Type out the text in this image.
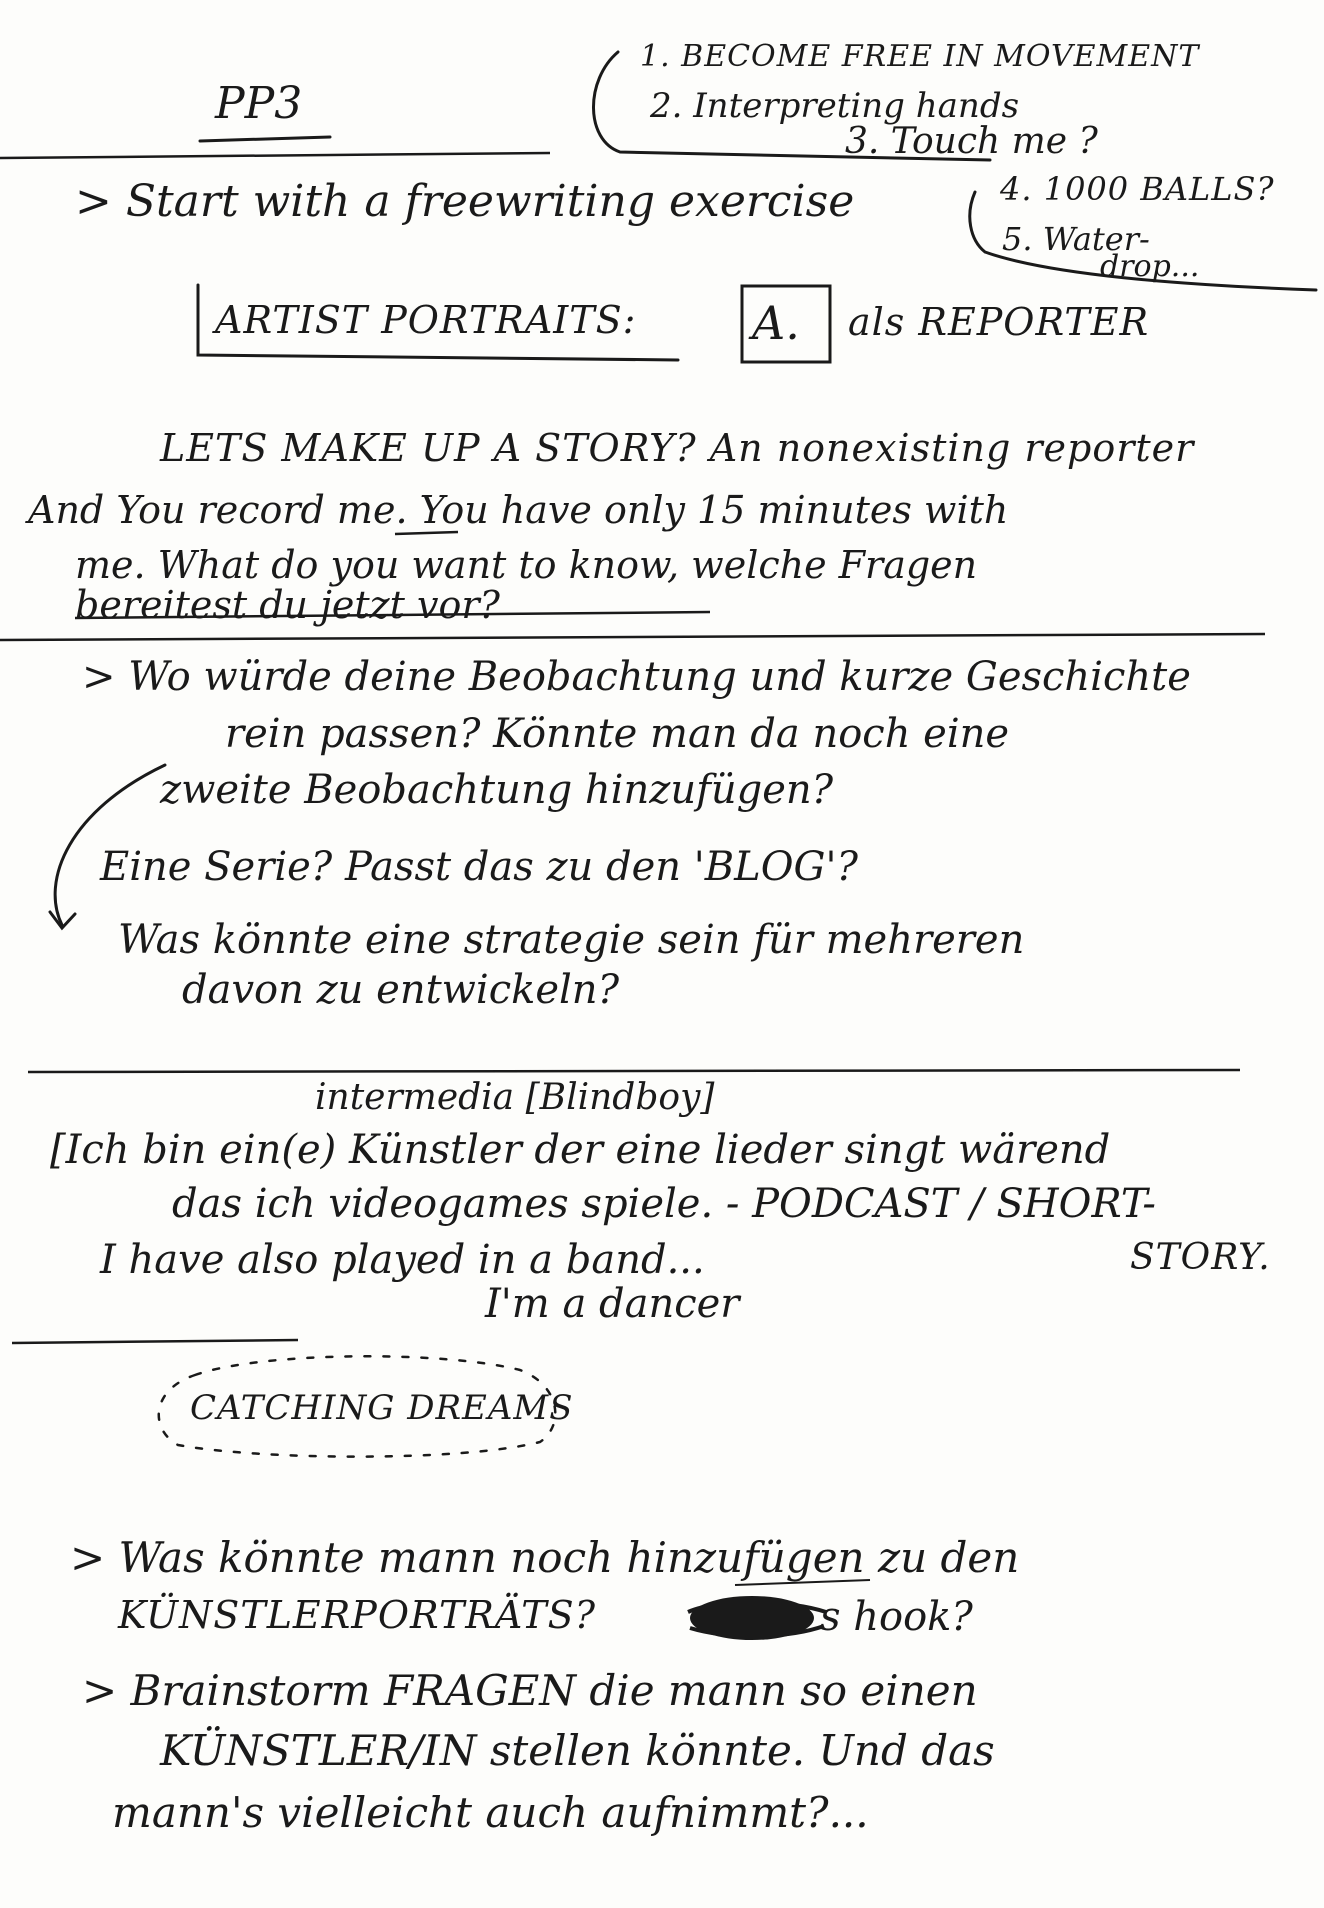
PP3
1. BECOME FREE IN MOVEMENT
2. Interpreting hands
3. Touch me ?
4. 1000 BALLS?
5. Water-
drop...
> Start with a freewriting exercise
ARTIST PORTRAITS:	A. als REPORTER
LETS MAKE UP A STORY? An nonexisting reporter
And You record me. You have only 15 minutes with
me. What do you want to know, welche Fragen
bereitest du jetzt vor?
> Wo würde deine Beobachtung und kurze Geschichte
rein passen? Könnte man da noch eine
zweite Beobachtung hinzufügen?
Eine Serie? Passt das zu den 'BLOG'?
Was könnte eine strategie sein für mehreren
davon zu entwickeln?
intermedia [Blindboy]
[Ich bin ein(e) Künstler der eine lieder singt wärend
das ich videogames spiele. - PODCAST / SHORT-
I have also played in a band...	STORY.
I'm a dancer
CATCHING DREAMS
> Was könnte mann noch hinzufügen zu den
KÜNSTLERPORTRÄTS?	s hook?
> Brainstorm FRAGEN die mann so einen
KÜNSTLER/IN stellen könnte. Und das
mann's vielleicht auch aufnimmt?...
